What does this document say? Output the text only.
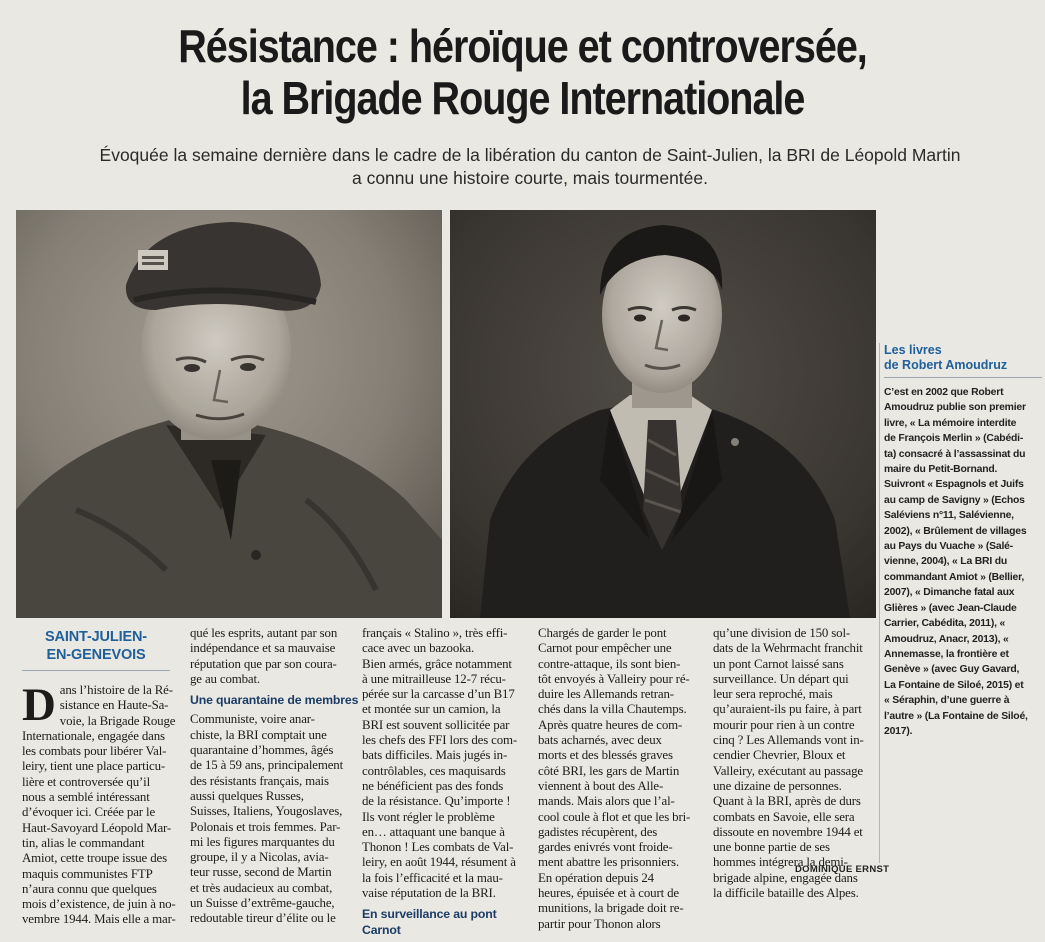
Résistance : héroïque et controversée,
la Brigade Rouge Internationale
Évoquée la semaine dernière dans le cadre de la libération du canton de Saint-Julien, la BRI de Léopold Martin
a connu une histoire courte, mais tourmentée.
Les livres
de Robert Amoudruz
C’est en 2002 que Robert
Amoudruz publie son premier
livre, « La mémoire interdite
de François Merlin » (Cabédi-
ta) consacré à l’assassinat du
maire du Petit-Bornand.
Suivront « Espagnols et Juifs
au camp de Savigny » (Echos
Saléviens n°11, Salévienne,
2002), « Brûlement de villages
au Pays du Vuache » (Salé-
vienne, 2004), « La BRI du
commandant Amiot » (Bellier,
2007), « Dimanche fatal aux
Glières » (avec Jean-Claude
Carrier, Cabédita, 2011), «
Amoudruz, Anacr, 2013), «
Annemasse, la frontière et
Genève » (avec Guy Gavard,
La Fontaine de Siloé, 2015) et
« Séraphin, d’une guerre à
l’autre » (La Fontaine de Siloé,
2017).
SAINT-JULIEN-
EN-GENEVOIS
D ans l’histoire de la Ré-
sistance en Haute-Sa-
voie, la Brigade Rouge
Internationale, engagée dans
les combats pour libérer Val-
leiry, tient une place particu-
lière et controversée qu’il
nous a semblé intéressant
d’évoquer ici. Créée par le
Haut-Savoyard Léopold Mar-
tin, alias le commandant
Amiot, cette troupe issue des
maquis communistes FTP
n’aura connu que quelques
mois d’existence, de juin à no-
vembre 1944. Mais elle a mar-
qué les esprits, autant par son
indépendance et sa mauvaise
réputation que par son coura-
ge au combat.
Une quarantaine de membres
Communiste, voire anar-
chiste, la BRI comptait une
quarantaine d’hommes, âgés
de 15 à 59 ans, principalement
des résistants français, mais
aussi quelques Russes,
Suisses, Italiens, Yougoslaves,
Polonais et trois femmes. Par-
mi les figures marquantes du
groupe, il y a Nicolas, avia-
teur russe, second de Martin
et très audacieux au combat,
un Suisse d’extrême-gauche,
redoutable tireur d’élite ou le
français « Stalino », très effi-
cace avec un bazooka.
Bien armés, grâce notamment
à une mitrailleuse 12-7 récu-
pérée sur la carcasse d’un B17
et montée sur un camion, la
BRI est souvent sollicitée par
les chefs des FFI lors des com-
bats difficiles. Mais jugés in-
contrôlables, ces maquisards
ne bénéficient pas des fonds
de la résistance. Qu’importe !
Ils vont régler le problème
en… attaquant une banque à
Thonon ! Les combats de Val-
leiry, en août 1944, résument à
la fois l’efficacité et la mau-
vaise réputation de la BRI.
En surveillance au pont Carnot
Chargés de garder le pont
Carnot pour empêcher une
contre-attaque, ils sont bien-
tôt envoyés à Valleiry pour ré-
duire les Allemands retran-
chés dans la villa Chautemps.
Après quatre heures de com-
bats acharnés, avec deux
morts et des blessés graves
côté BRI, les gars de Martin
viennent à bout des Alle-
mands. Mais alors que l’al-
cool coule à flot et que les bri-
gadistes récupèrent, des
gardes enivrés vont froide-
ment abattre les prisonniers.
En opération depuis 24
heures, épuisée et à court de
munitions, la brigade doit re-
partir pour Thonon alors
qu’une division de 150 sol-
dats de la Wehrmacht franchit
un pont Carnot laissé sans
surveillance. Un départ qui
leur sera reproché, mais
qu’auraient-ils pu faire, à part
mourir pour rien à un contre
cinq ? Les Allemands vont in-
cendier Chevrier, Bloux et
Valleiry, exécutant au passage
une dizaine de personnes.
Quant à la BRI, après de durs
combats en Savoie, elle sera
dissoute en novembre 1944 et
une bonne partie de ses
hommes intégrera la demi-
brigade alpine, engagée dans
la difficile bataille des Alpes.
DOMINIQUE ERNST
